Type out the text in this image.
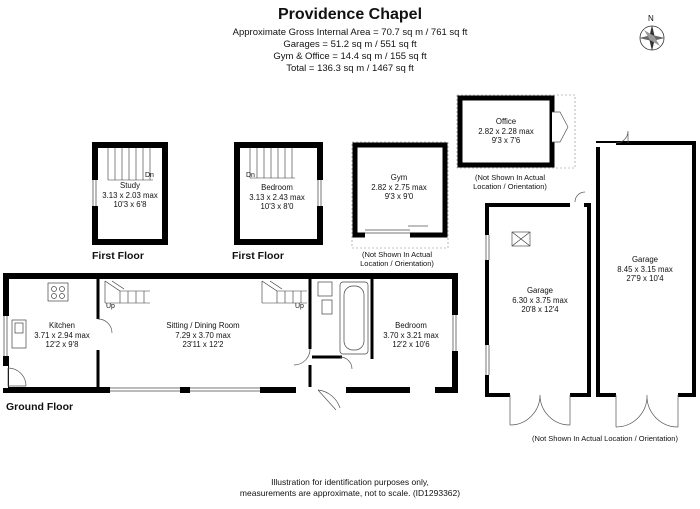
Providence Chapel
Approximate Gross Internal Area = 70.7 sq m / 761 sq ft
Garages = 51.2 sq m / 551 sq ft
Gym & Office = 14.4 sq m / 155 sq ft
Total = 136.3 sq m / 1467 sq ft
N
Study
3.13 x 2.03 max
10'3 x 6'8
Dn
Bedroom
3.13 x 2.43 max
10'3 x 8'0
Dn
First Floor	First Floor
Gym
2.82 x 2.75 max
9'3 x 9'0
(Not Shown In Actual
Location / Orientation)
Office
2.82 x 2.28 max
9'3 x 7'6
(Not Shown In Actual
Location / Orientation)
Kitchen
3.71 x 2.94 max
12'2 x 9'8
Sitting / Dining Room
7.29 x 3.70 max
23'11 x 12'2
Bedroom
3.70 x 3.21 max
12'2 x 10'6
Up	Up
Ground Floor
Garage
6.30 x 3.75 max
20'8 x 12'4
Garage
8.45 x 3.15 max
27'9 x 10'4
(Not Shown In Actual Location / Orientation)
Illustration for identification purposes only,
measurements are approximate, not to scale. (ID1293362)
